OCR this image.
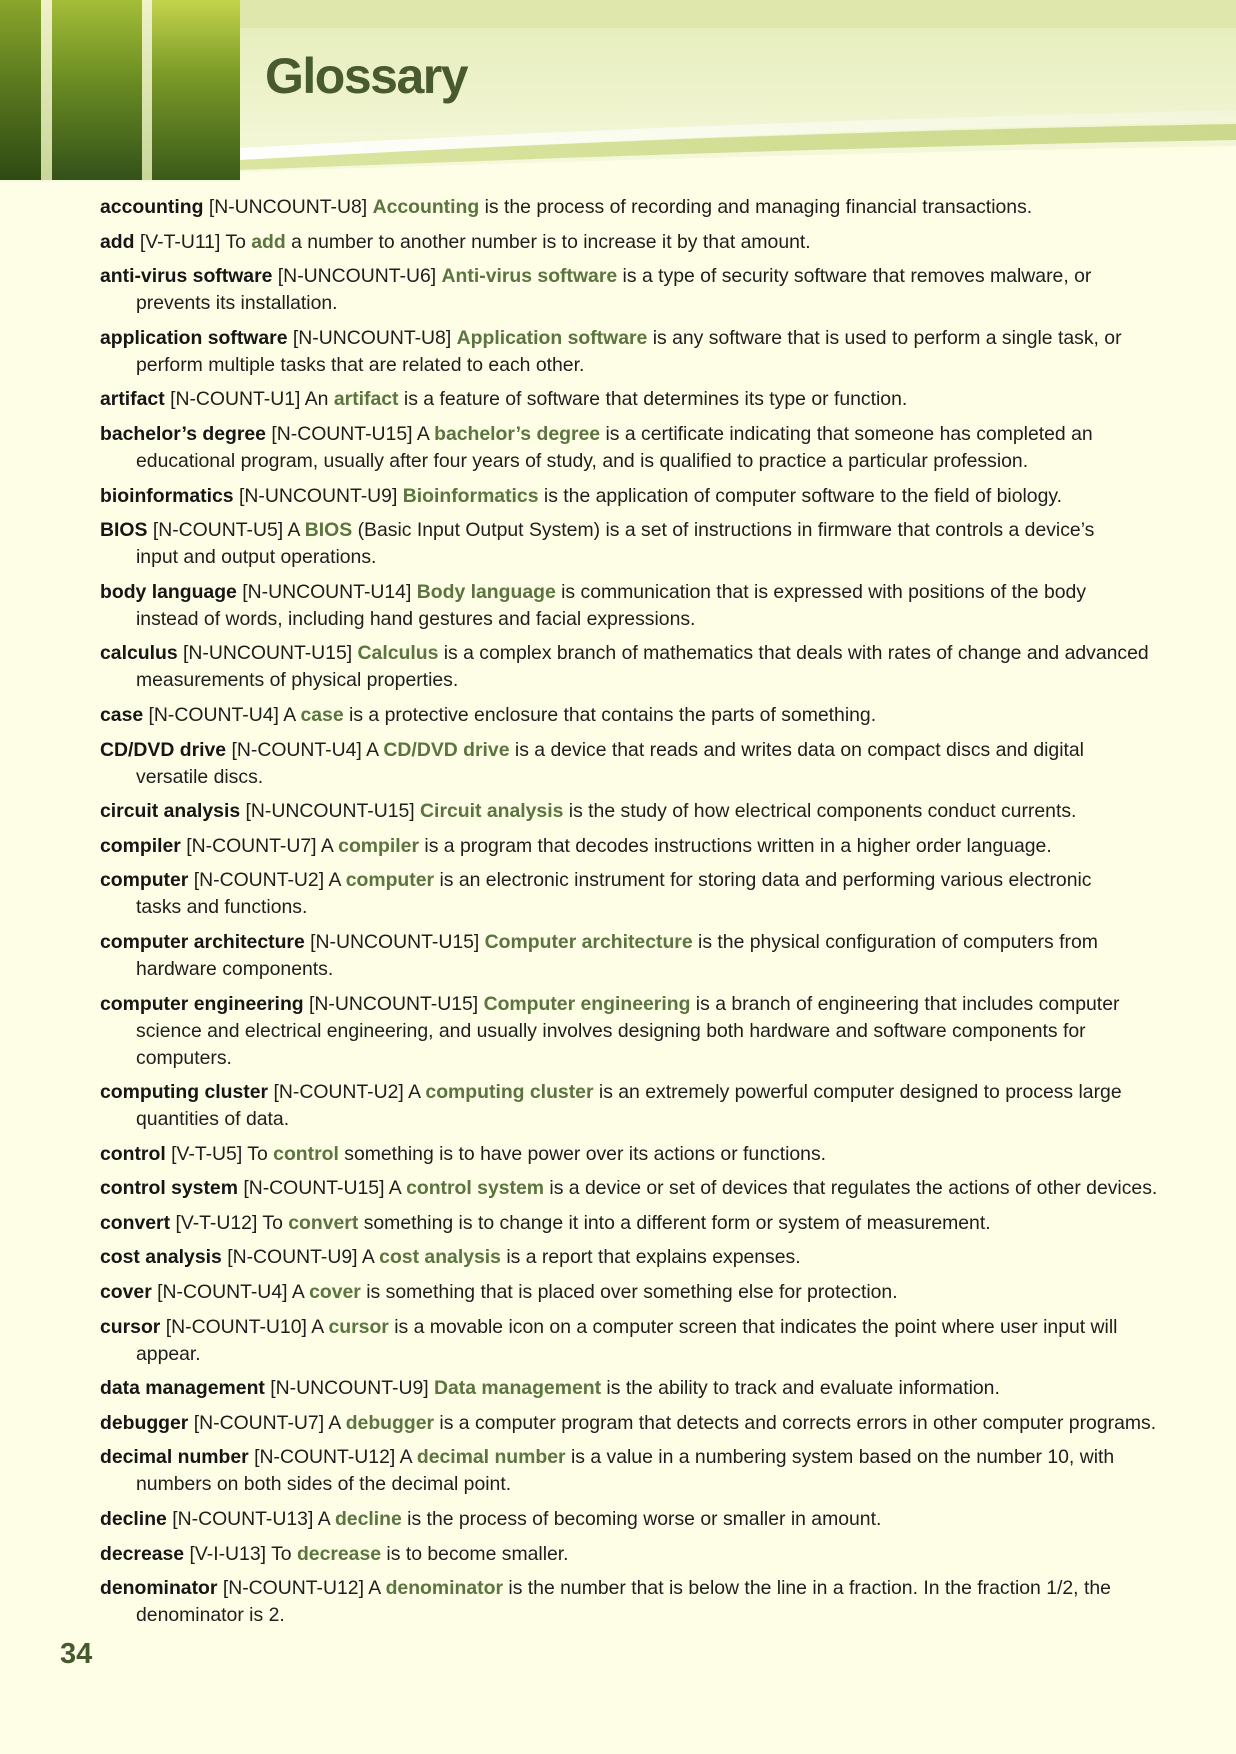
Glossary

accounting [N-UNCOUNT-U8] Accounting is the process of recording and managing financial transactions.

add [V-T-U11] To add a number to another number is to increase it by that amount.

anti-virus software [N-UNCOUNT-U6] Anti-virus software is a type of security software that removes malware, or
prevents its installation.

application software [N-UNCOUNT-U8] Application software is any software that is used to perform a single task, or
perform multiple tasks that are related to each other.

artifact [N-COUNT-U1] An artifact is a feature of software that determines its type or function.

bachelor’s degree [N-COUNT-U15] A bachelor’s degree is a certificate indicating that someone has completed an
educational program, usually after four years of study, and is qualified to practice a particular profession.

bioinformatics [N-UNCOUNT-U9] Bioinformatics is the application of computer software to the field of biology.

BIOS [N-COUNT-U5] A BIOS (Basic Input Output System) is a set of instructions in firmware that controls a device’s
input and output operations.

body language [N-UNCOUNT-U14] Body language is communication that is expressed with positions of the body
instead of words, including hand gestures and facial expressions.

calculus [N-UNCOUNT-U15] Calculus is a complex branch of mathematics that deals with rates of change and advanced
measurements of physical properties.

case [N-COUNT-U4] A case is a protective enclosure that contains the parts of something.

CD/DVD drive [N-COUNT-U4] A CD/DVD drive is a device that reads and writes data on compact discs and digital
versatile discs.

circuit analysis [N-UNCOUNT-U15] Circuit analysis is the study of how electrical components conduct currents.

compiler [N-COUNT-U7] A compiler is a program that decodes instructions written in a higher order language.

computer [N-COUNT-U2] A computer is an electronic instrument for storing data and performing various electronic
tasks and functions.

computer architecture [N-UNCOUNT-U15] Computer architecture is the physical configuration of computers from
hardware components.

computer engineering [N-UNCOUNT-U15] Computer engineering is a branch of engineering that includes computer
science and electrical engineering, and usually involves designing both hardware and software components for
computers.

computing cluster [N-COUNT-U2] A computing cluster is an extremely powerful computer designed to process large
quantities of data.

control [V-T-U5] To control something is to have power over its actions or functions.

control system [N-COUNT-U15] A control system is a device or set of devices that regulates the actions of other devices.

convert [V-T-U12] To convert something is to change it into a different form or system of measurement.

cost analysis [N-COUNT-U9] A cost analysis is a report that explains expenses.

cover [N-COUNT-U4] A cover is something that is placed over something else for protection.

cursor [N-COUNT-U10] A cursor is a movable icon on a computer screen that indicates the point where user input will
appear.

data management [N-UNCOUNT-U9] Data management is the ability to track and evaluate information.

debugger [N-COUNT-U7] A debugger is a computer program that detects and corrects errors in other computer programs.

decimal number [N-COUNT-U12] A decimal number is a value in a numbering system based on the number 10, with
numbers on both sides of the decimal point.

decline [N-COUNT-U13] A decline is the process of becoming worse or smaller in amount.

decrease [V-I-U13] To decrease is to become smaller.

denominator [N-COUNT-U12] A denominator is the number that is below the line in a fraction. In the fraction 1/2, the
denominator is 2.

34
